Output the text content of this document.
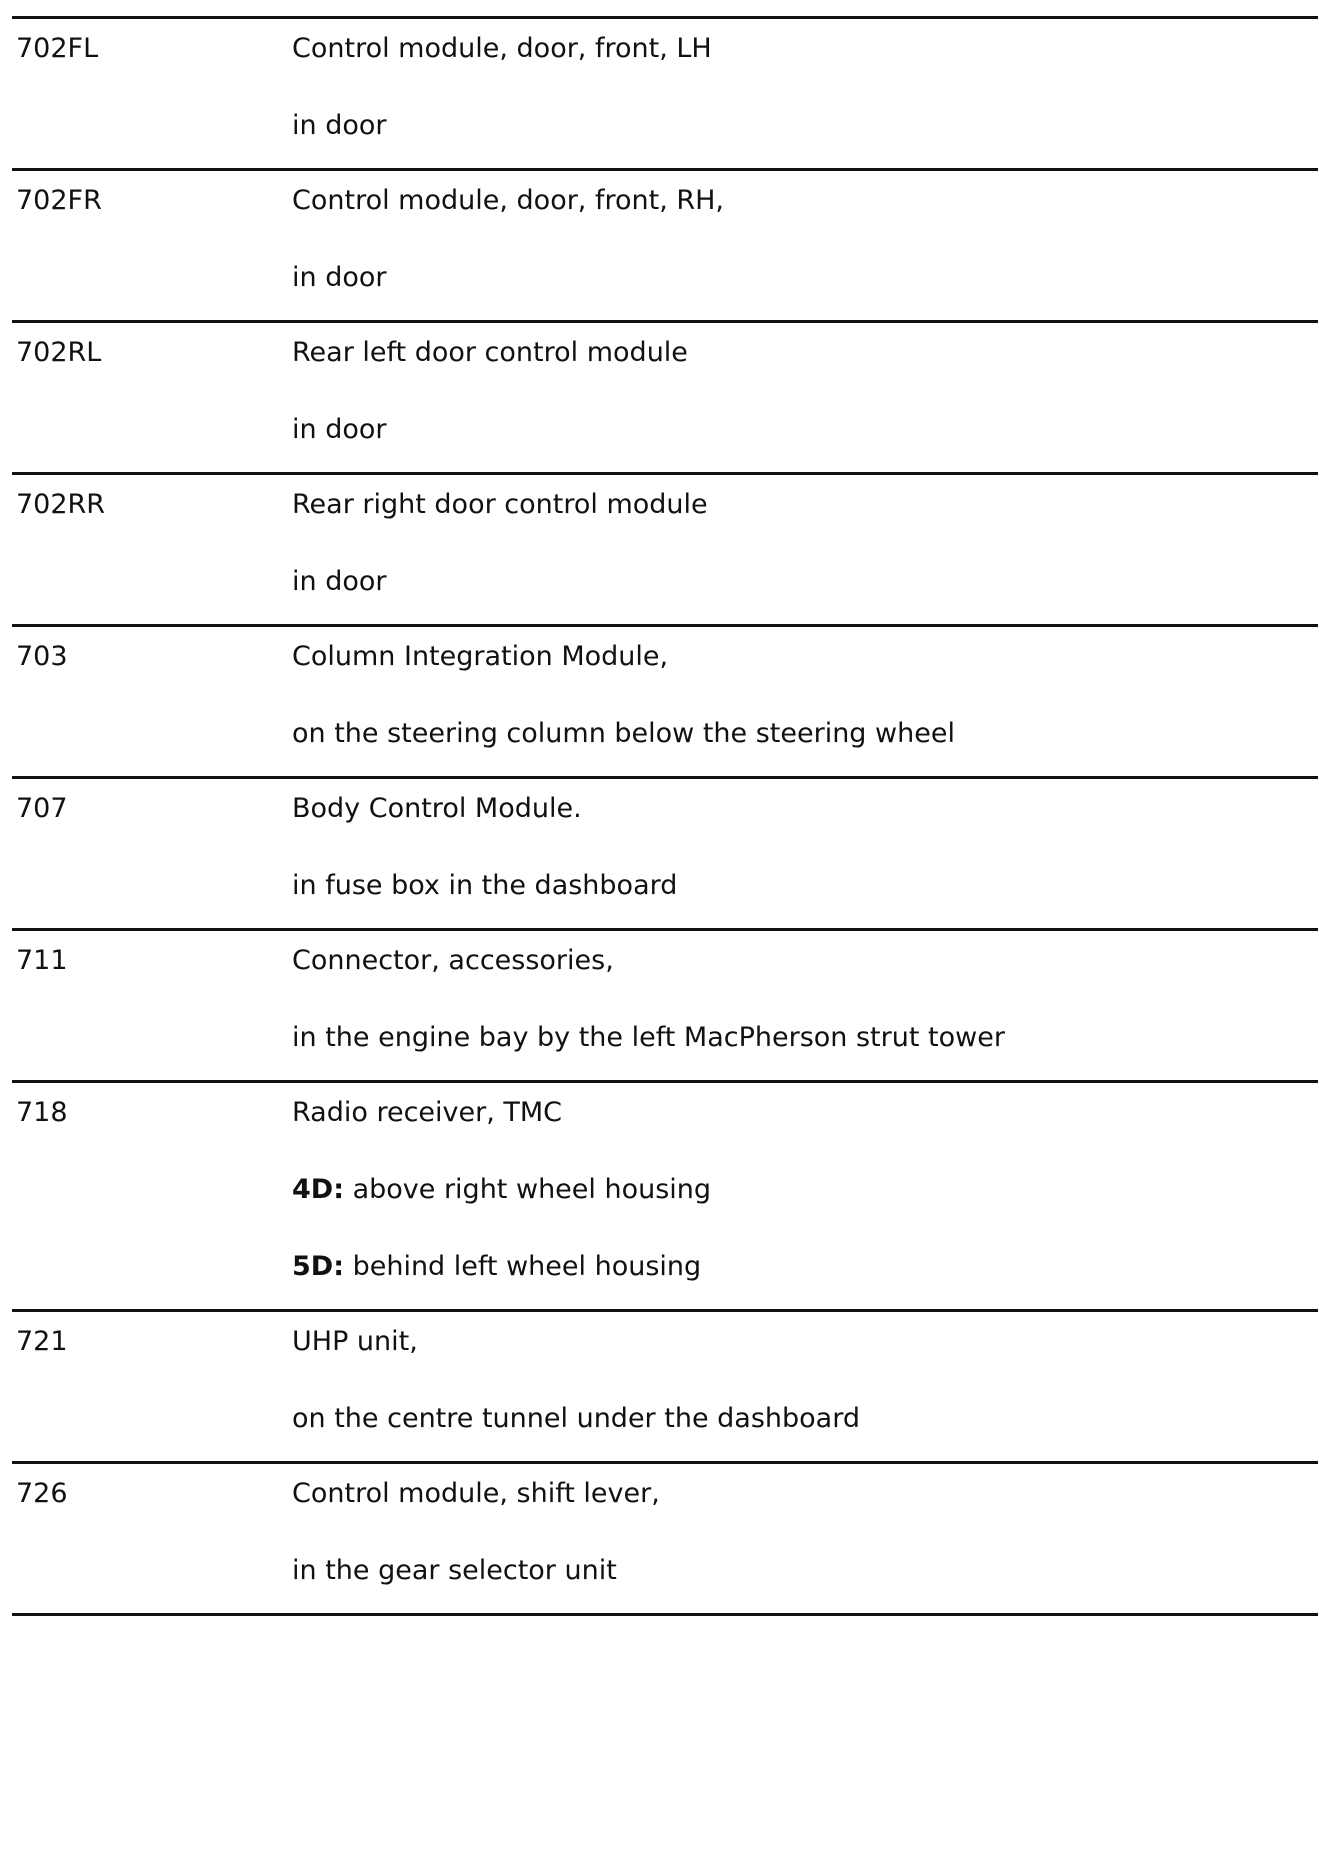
702FL	Control module, door, front, LH
in door
702FR	Control module, door, front, RH,
in door
702RL	Rear left door control module
in door
702RR	Rear right door control module
in door
703	Column Integration Module,
on the steering column below the steering wheel
707	Body Control Module.
in fuse box in the dashboard
711	Connector, accessories,
in the engine bay by the left MacPherson strut tower
718	Radio receiver, TMC
4D: above right wheel housing
5D: behind left wheel housing
721	UHP unit,
on the centre tunnel under the dashboard
726	Control module, shift lever,
in the gear selector unit
